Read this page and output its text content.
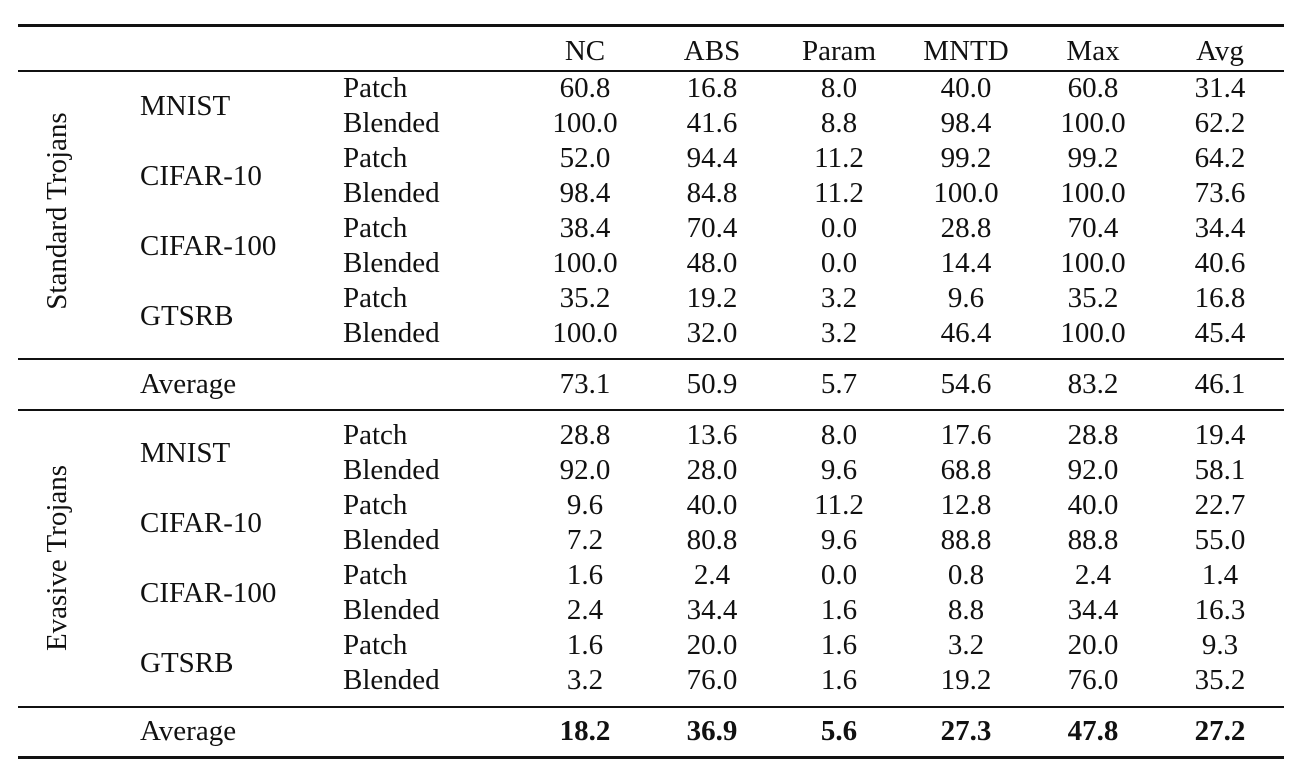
NC	ABS Param MNTD Max	Avg
MNIST
Patch	60.8	16.8	8.0	40.0	60.8	31.4
Blended	100.0 41.6	8.8	98.4 100.0 62.2
CIFAR-10
Patch	52.0	94.4	11.2	99.2	99.2	64.2
Blended	98.4	84.8	11.2 100.0 100.0 73.6
CIFAR-100
Patch	38.4	70.4	0.0	28.8	70.4	34.4
Blended	100.0 48.0	0.0	14.4 100.0 40.6
GTSRB
Patch	35.2	19.2	3.2	9.6	35.2	16.8
Blended	100.0 32.0	3.2	46.4 100.0 45.4
Standard Trojans
Average	73.1	50.9	5.7	54.6	83.2	46.1
MNIST
Patch	28.8	13.6	8.0	17.6	28.8	19.4
Blended	92.0	28.0	9.6	68.8	92.0	58.1
CIFAR-10
Patch	9.6	40.0	11.2	12.8	40.0	22.7
Blended	7.2	80.8	9.6	88.8	88.8	55.0
CIFAR-100
Patch	1.6	2.4	0.0	0.8	2.4	1.4
Blended	2.4	34.4	1.6	8.8	34.4	16.3
GTSRB
Patch	1.6	20.0	1.6	3.2	20.0	9.3
Blended	3.2	76.0	1.6	19.2	76.0	35.2
Evasive Trojans
Average	18.2	36.9	5.6	27.3	47.8	27.2
